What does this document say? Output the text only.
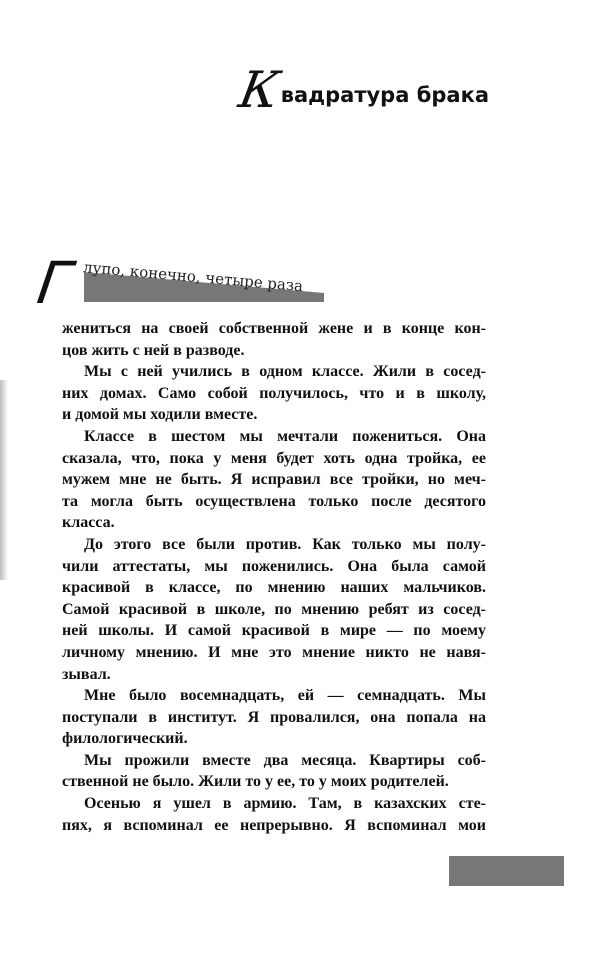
К
вадратура брака
Г лупо, конечно, четыре раза
жениться на своей собственной жене и в конце кон-
цов жить с ней в разводе.
Мы с ней учились в одном классе. Жили в сосед-
них домах. Само собой получилось, что и в школу,
и домой мы ходили вместе.
Классе в шестом мы мечтали пожениться. Она
сказала, что, пока у меня будет хоть одна тройка, ее
мужем мне не быть. Я исправил все тройки, но меч-
та могла быть осуществлена только после десятого
класса.
До этого все были против. Как только мы полу-
чили аттестаты, мы поженились. Она была самой
красивой в классе, по мнению наших мальчиков.
Самой красивой в школе, по мнению ребят из сосед-
ней школы. И самой красивой в мире — по моему
личному мнению. И мне это мнение никто не навя-
зывал.
Мне было восемнадцать, ей — семнадцать. Мы
поступали в институт. Я провалился, она попала на
филологический.
Мы прожили вместе два месяца. Квартиры соб-
ственной не было. Жили то у ее, то у моих родителей.
Осенью я ушел в армию. Там, в казахских сте-
пях, я вспоминал ее непрерывно. Я вспоминал мои
